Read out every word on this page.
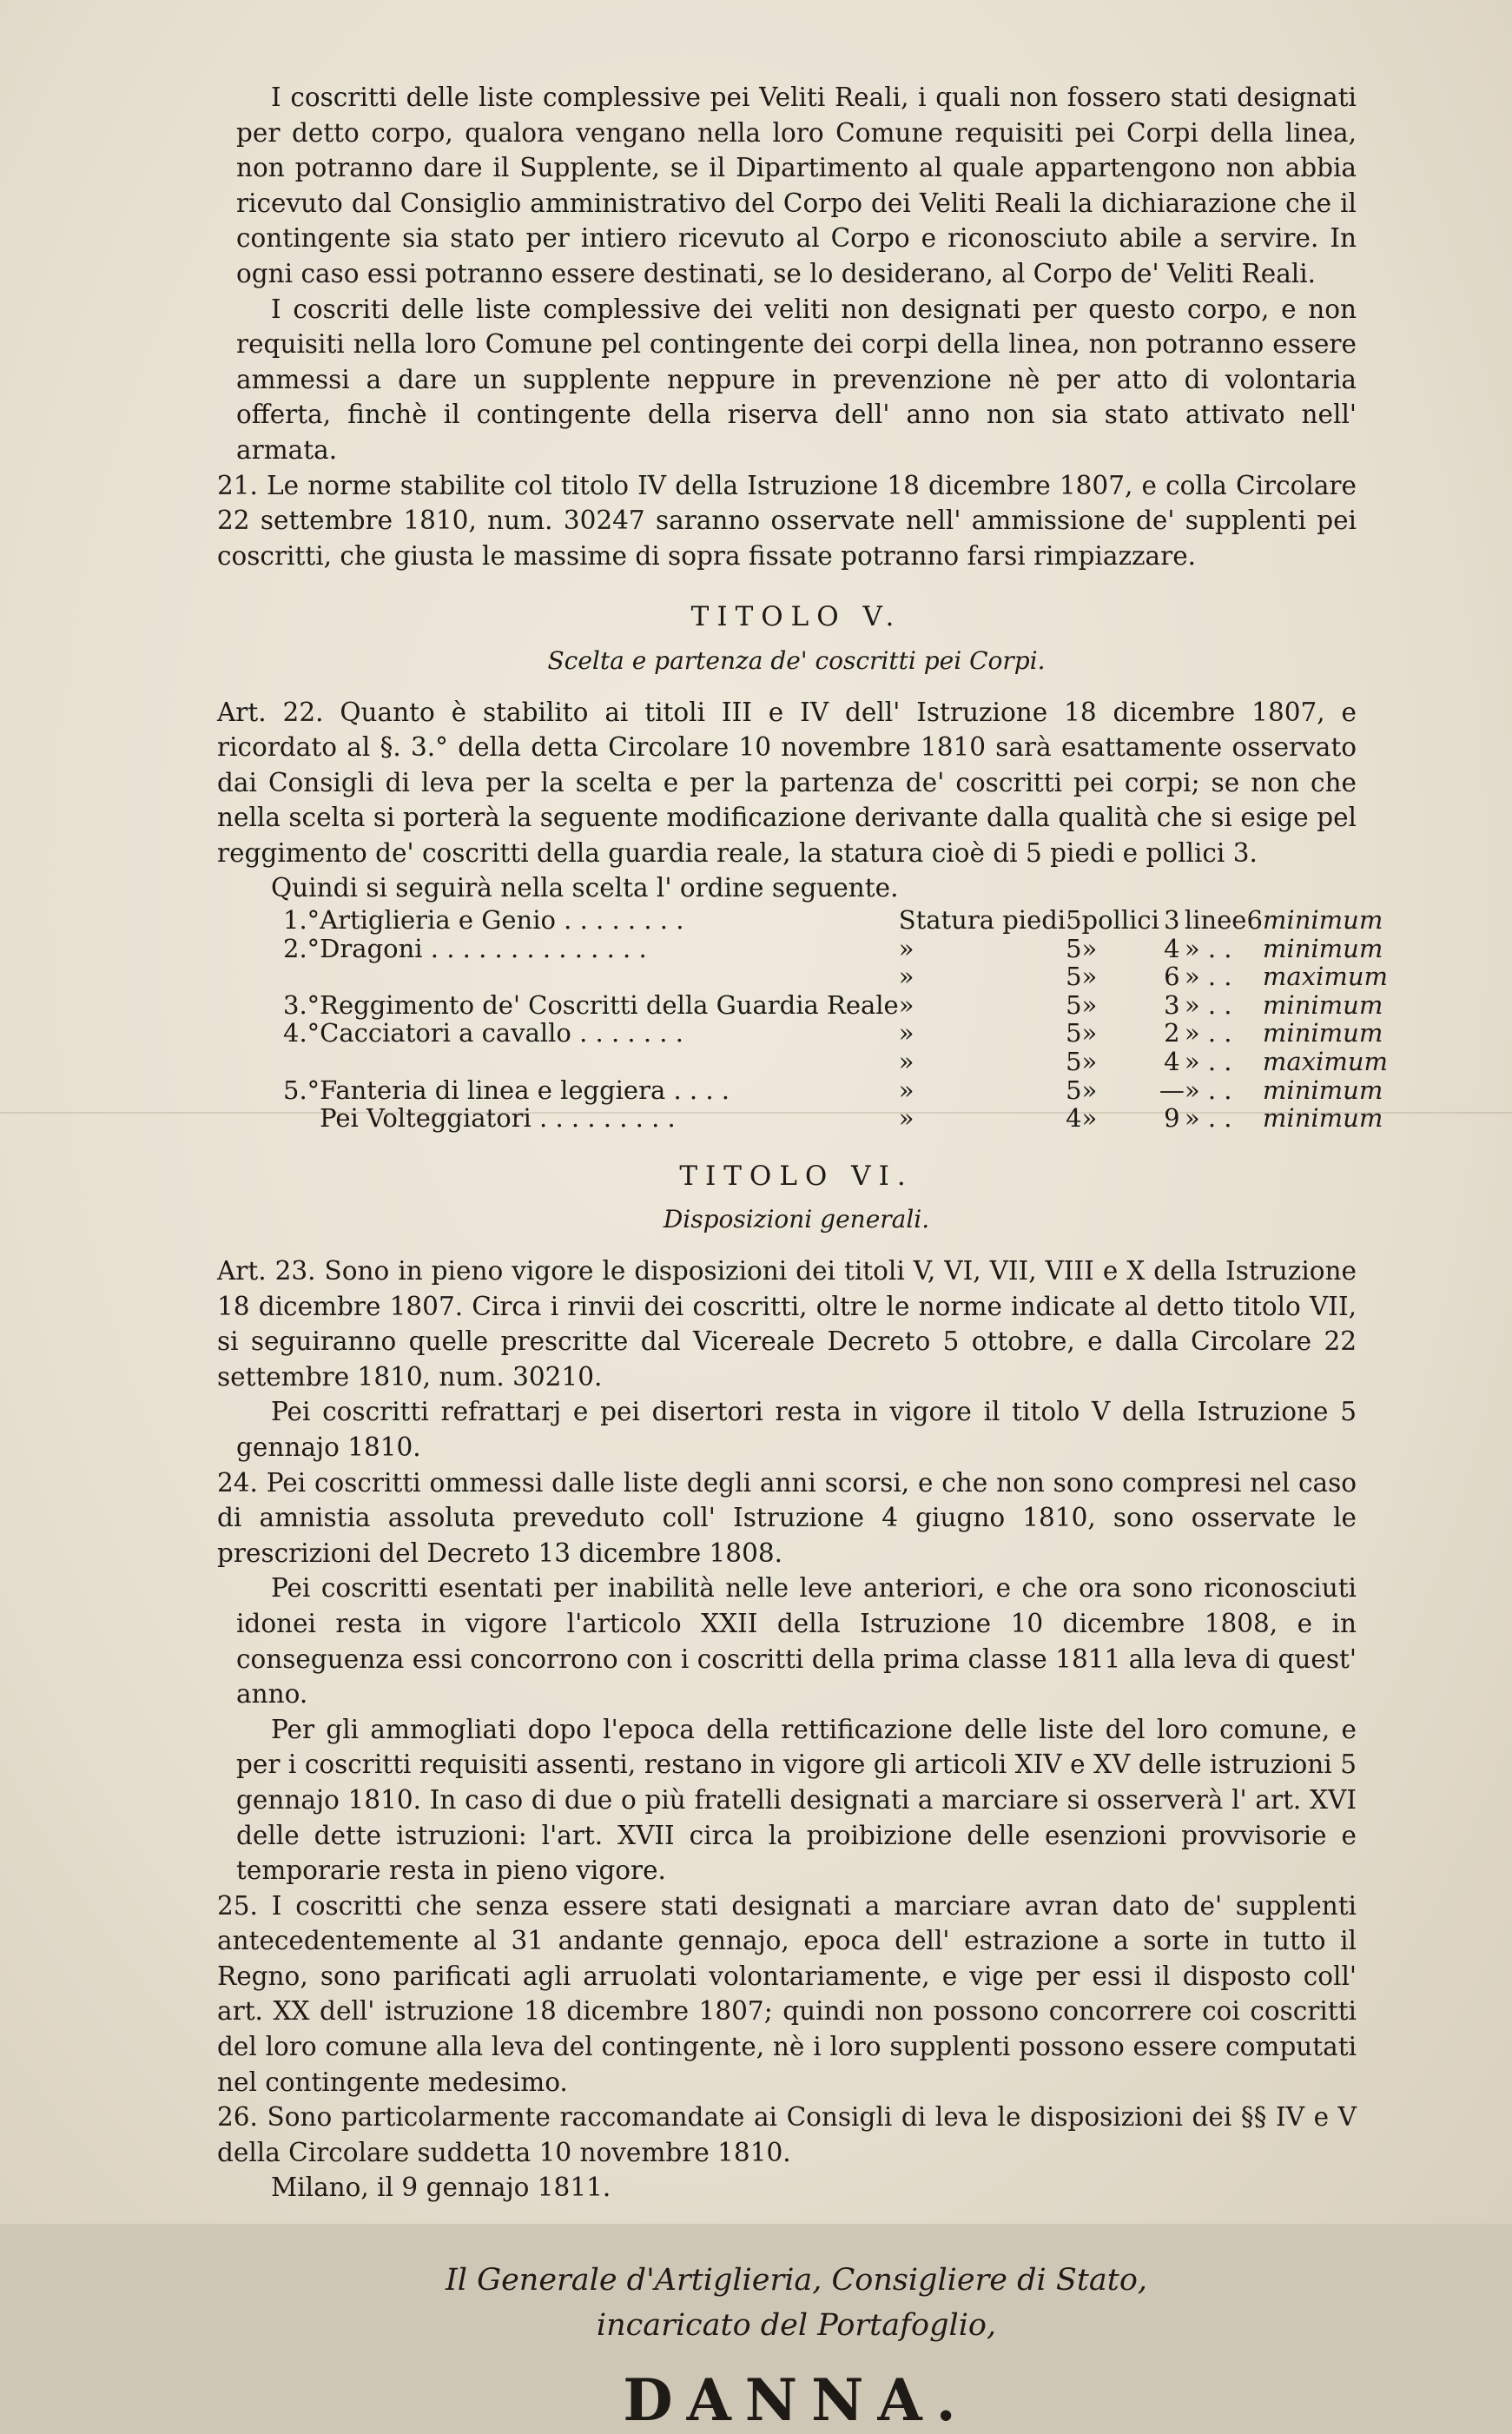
I coscritti delle liste complessive pei Veliti Reali, i quali non fossero stati designati per detto corpo, qualora vengano nella loro Comune requisiti pei Corpi della linea, non potranno dare il Supplente, se il Dipartimento al quale appartengono non abbia ricevuto dal Consiglio amministrativo del Corpo dei Veliti Reali la dichiarazione che il contingente sia stato per intiero ricevuto al Corpo e riconosciuto abile a servire. In ogni caso essi potranno essere destinati, se lo desiderano, al Corpo de' Veliti Reali.

I coscriti delle liste complessive dei veliti non designati per questo corpo, e non requisiti nella loro Comune pel contingente dei corpi della linea, non potranno essere ammessi a dare un supplente neppure in prevenzione nè per atto di volontaria offerta, finchè il contingente della riserva dell' anno non sia stato attivato nell' armata.

21. Le norme stabilite col titolo IV della Istruzione 18 dicembre 1807, e colla Circolare 22 settembre 1810, num. 30247 saranno osservate nell' ammissione de' supplenti pei coscritti, che giusta le massime di sopra fissate potranno farsi rimpiazzare.

TITOLO V.
Scelta e partenza de' coscritti pei Corpi.

Art. 22. Quanto è stabilito ai titoli III e IV dell' Istruzione 18 dicembre 1807, e ricordato al §. 3.° della detta Circolare 10 novembre 1810 sarà esattamente osservato dai Consigli di leva per la scelta e per la partenza de' coscritti pei corpi; se non che nella scelta si porterà la seguente modificazione derivante dalla qualità che si esige pel reggimento de' coscritti della guardia reale, la statura cioè di 5 piedi e pollici 3.

Quindi si seguirà nella scelta l' ordine seguente.

1.°	Artiglieria e Genio . . . . . . . .	Statura piedi	5	pollici	3	linee	6	minimum
2.°	Dragoni . . . . . . . . . . . . . .	»	5	»	4	» . .		minimum
		»	5	»	6	» . .		maximum
3.°	Reggimento de' Coscritti della Guardia Reale	»	5	»	3	» . .		minimum
4.°	Cacciatori a cavallo . . . . . . .	»	5	»	2	» . .		minimum
		»	5	»	4	» . .		maximum
5.°	Fanteria di linea e leggiera . . . .	»	5	»	—	» . .		minimum
	Pei Volteggiatori . . . . . . . . .	»	4	»	9	» . .		minimum
TITOLO VI.
Disposizioni generali.

Art. 23. Sono in pieno vigore le disposizioni dei titoli V, VI, VII, VIII e X della Istruzione 18 dicembre 1807. Circa i rinvii dei coscritti, oltre le norme indicate al detto titolo VII, si seguiranno quelle prescritte dal Vicereale Decreto 5 ottobre, e dalla Circolare 22 settembre 1810, num. 30210.

Pei coscritti refrattarj e pei disertori resta in vigore il titolo V della Istruzione 5 gennajo 1810.

24. Pei coscritti ommessi dalle liste degli anni scorsi, e che non sono compresi nel caso di amnistia assoluta preveduto coll' Istruzione 4 giugno 1810, sono osservate le prescrizioni del Decreto 13 dicembre 1808.

Pei coscritti esentati per inabilità nelle leve anteriori, e che ora sono riconosciuti idonei resta in vigore l'articolo XXII della Istruzione 10 dicembre 1808, e in conseguenza essi concorrono con i coscritti della prima classe 1811 alla leva di quest' anno.

Per gli ammogliati dopo l'epoca della rettificazione delle liste del loro comune, e per i coscritti requisiti assenti, restano in vigore gli articoli XIV e XV delle istruzioni 5 gennajo 1810. In caso di due o più fratelli designati a marciare si osserverà l' art. XVI delle dette istruzioni: l'art. XVII circa la proibizione delle esenzioni provvisorie e temporarie resta in pieno vigore.

25. I coscritti che senza essere stati designati a marciare avran dato de' supplenti antecedentemente al 31 andante gennajo, epoca dell' estrazione a sorte in tutto il Regno, sono parificati agli arruolati volontariamente, e vige per essi il disposto coll' art. XX dell' istruzione 18 dicembre 1807; quindi non possono concorrere coi coscritti del loro comune alla leva del contingente, nè i loro supplenti possono essere computati nel contingente medesimo.

26. Sono particolarmente raccomandate ai Consigli di leva le disposizioni dei §§ IV e V della Circolare suddetta 10 novembre 1810.

Milano, il 9 gennajo 1811.

Il Generale d'Artiglieria, Consigliere di Stato,
incaricato del Portafoglio,
DANNA.
